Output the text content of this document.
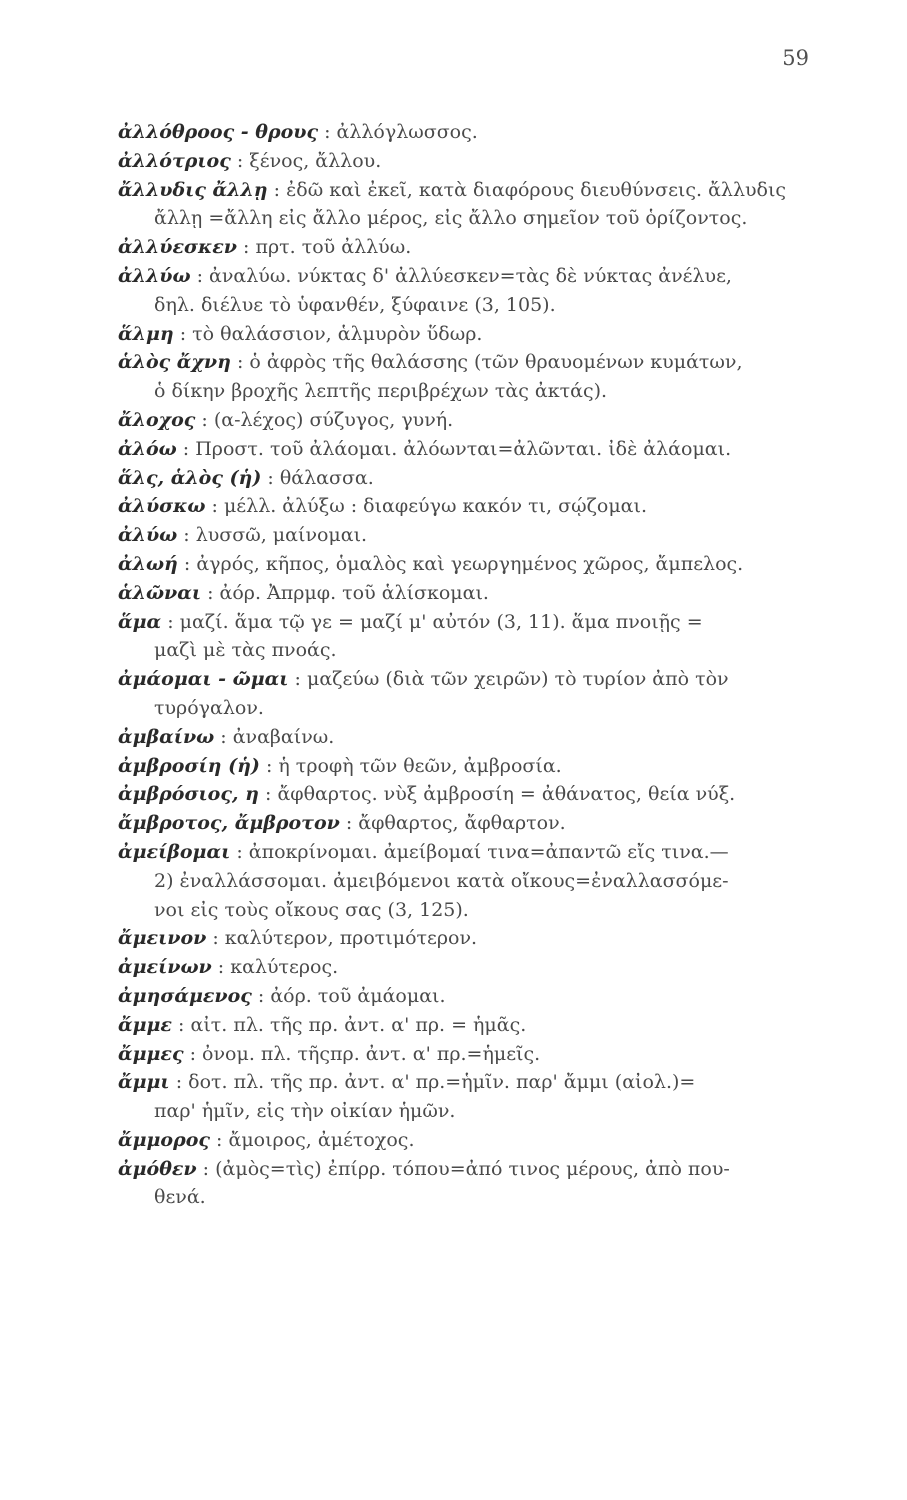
59
ἀλλόθροος - θρους : ἀλλόγλωσσος.
ἀλλότριος : ξένος, ἄλλου.
ἄλλυδις ἄλλῃ : ἐδῶ καὶ ἐκεῖ, κατὰ διαφόρους διευθύνσεις. ἄλλυδις
ἄλλῃ =ἄλλη εἰς ἄλλο μέρος, εἰς ἄλλο σημεῖον τοῦ ὁρίζοντος.
ἀλλύεσκεν : πρτ. τοῦ ἀλλύω.
ἀλλύω : ἀναλύω. νύκτας δ' ἀλλύεσκεν=τὰς δὲ νύκτας ἀνέλυε,
δηλ. διέλυε τὸ ὑφανθέν, ξύφαινε (3, 105).
ἅλμη : τὸ θαλάσσιον, ἁλμυρὸν ὕδωρ.
ἁλὸς ἄχνη : ὁ ἀφρὸς τῆς θαλάσσης (τῶν θραυομένων κυμάτων,
ὁ δίκην βροχῆς λεπτῆς περιβρέχων τὰς ἀκτάς).
ἄλοχος : (α-λέχος) σύζυγος, γυνή.
ἀλόω : Προστ. τοῦ ἀλάομαι. ἀλόωνται=ἀλῶνται. ἰδὲ ἀλάομαι.
ἅλς, ἁλὸς (ἡ) : θάλασσα.
ἀλύσκω : μέλλ. ἀλύξω : διαφεύγω κακόν τι, σῴζομαι.
ἀλύω : λυσσῶ, μαίνομαι.
ἀλωή : ἀγρός, κῆπος, ὁμαλὸς καὶ γεωργημένος χῶρος, ἄμπελος.
ἁλῶναι : ἀόρ. Ἀπρμφ. τοῦ ἁλίσκομαι.
ἅμα : μαζί. ἅμα τῷ γε = μαζί μ' αὐτόν (3, 11). ἅμα πνοιῇς =
μαζὶ μὲ τὰς πνοάς.
ἀμάομαι - ῶμαι : μαζεύω (διὰ τῶν χειρῶν) τὸ τυρίον ἀπὸ τὸν
τυρόγαλον.
ἀμβαίνω : ἀναβαίνω.
ἀμβροσίη (ἡ) : ἡ τροφὴ τῶν θεῶν, ἀμβροσία.
ἀμβρόσιος, η : ἄφθαρτος. νὺξ ἀμβροσίη = ἀθάνατος, θεία νύξ.
ἄμβροτος, ἄμβροτον : ἄφθαρτος, ἄφθαρτον.
ἀμείβομαι : ἀποκρίνομαι. ἀμείβομαί τινα=ἀπαντῶ εἴς τινα.—
2) ἐναλλάσσομαι. ἀμειβόμενοι κατὰ οἴκους=ἐναλλασσόμε-
νοι εἰς τοὺς οἴκους σας (3, 125).
ἄμεινον : καλύτερον, προτιμότερον.
ἀμείνων : καλύτερος.
ἀμησάμενος : ἀόρ. τοῦ ἀμάομαι.
ἄμμε : αἰτ. πλ. τῆς πρ. ἀντ. α' πρ. = ἡμᾶς.
ἄμμες : ὀνομ. πλ. τῆςπρ. ἀντ. α' πρ.=ἡμεῖς.
ἄμμι : δοτ. πλ. τῆς πρ. ἀντ. α' πρ.=ἡμῖν. παρ' ἄμμι (αἰολ.)=
παρ' ἡμῖν, εἰς τὴν οἰκίαν ἡμῶν.
ἄμμορος : ἄμοιρος, ἀμέτοχος.
ἀμόθεν : (ἀμὸς=τὶς) ἐπίρρ. τόπου=ἀπό τινος μέρους, ἀπὸ που-
θενά.
